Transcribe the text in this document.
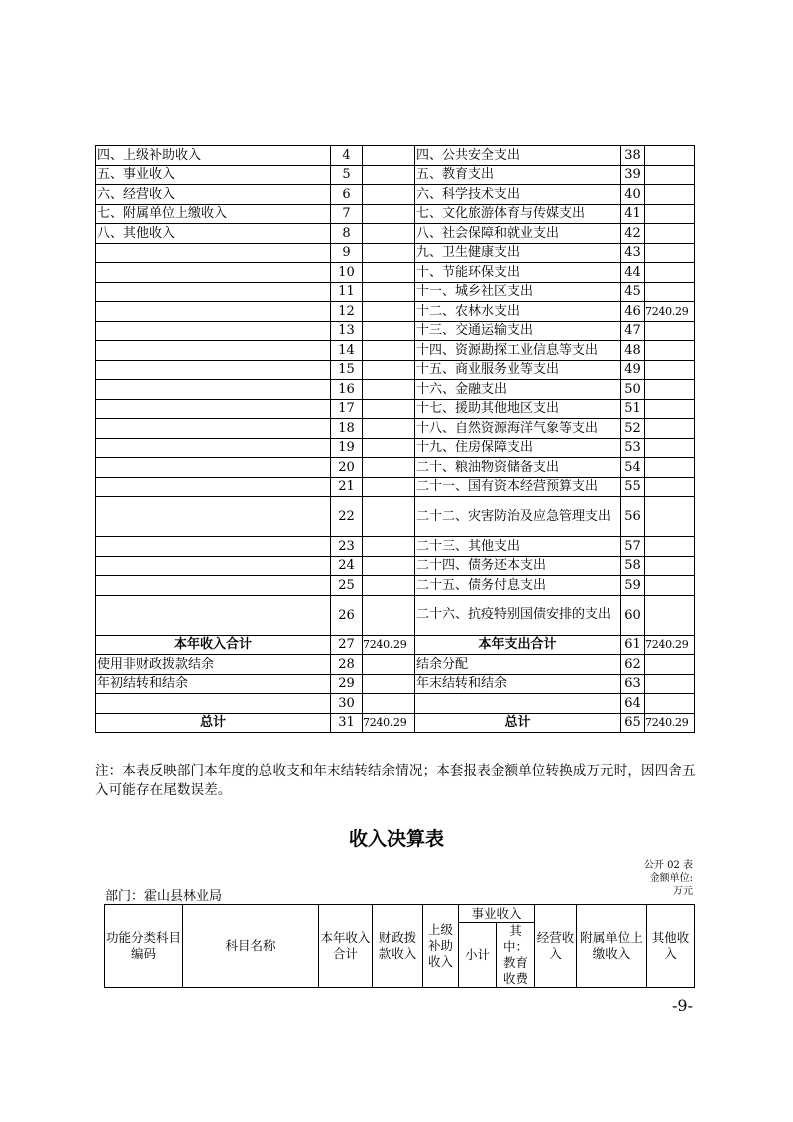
四、上级补助收入	4		四、公共安全支出	38	
五、事业收入	5		五、教育支出	39	
六、经营收入	6		六、科学技术支出	40	
七、附属单位上缴收入	7		七、文化旅游体育与传媒支出	41	
八、其他收入	8		八、社会保障和就业支出	42	
	9		九、卫生健康支出	43	
	10		十、节能环保支出	44	
	11		十一、城乡社区支出	45	
	12		十二、农林水支出	46	7240.29
	13		十三、交通运输支出	47	
	14		十四、资源勘探工业信息等支出	48	
	15		十五、商业服务业等支出	49	
	16		十六、金融支出	50	
	17		十七、援助其他地区支出	51	
	18		十八、自然资源海洋气象等支出	52	
	19		十九、住房保障支出	53	
	20		二十、粮油物资储备支出	54	
	21		二十一、国有资本经营预算支出	55	
	22		二十二、灾害防治及应急管理支出	56	
	23		二十三、其他支出	57	
	24		二十四、债务还本支出	58	
	25		二十五、债务付息支出	59	
	26		二十六、抗疫特别国债安排的支出	60	
本年收入合计	27	7240.29	本年支出合计	61	7240.29
使用非财政拨款结余	28		结余分配	62	
年初结转和结余	29		年末结转和结余	63	
	30			64	
总计	31	7240.29	总计	65	7240.29
注：本表反映部门本年度的总收支和年末结转结余情况；本套报表金额单位转换成万元时，因四舍五入可能存在尾数误差。
收入决算表
公开 02 表
金额单位:
万元
部门：霍山县林业局
功能分类科目编码	科目名称	本年收入合计	财政拨款收入	上级补助收入	事业收入		经营收入	附属单位上缴收入	其他收入
					小计	其中：教育收费			
-9-
